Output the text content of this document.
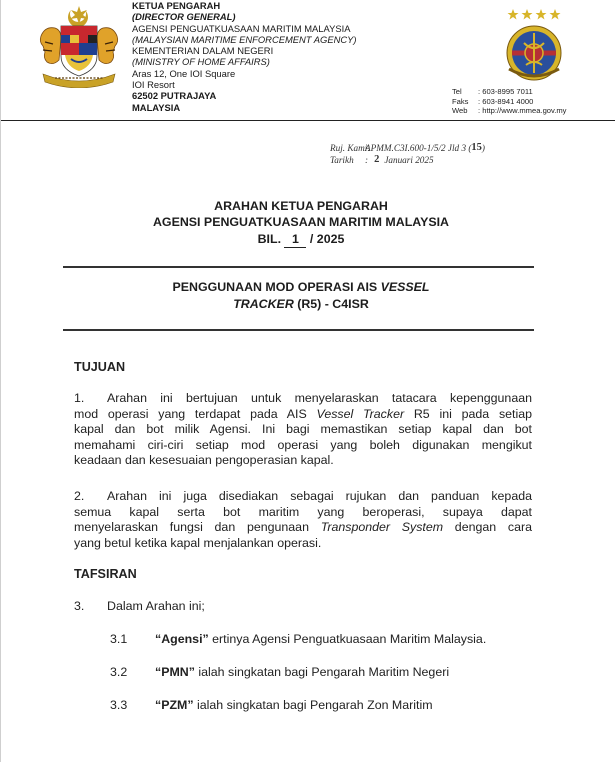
KETUA PENGARAH
(DIRECTOR GENERAL)
AGENSI PENGUATKUASAAN MARITIM MALAYSIA
(MALAYSIAN MARITIME ENFORCEMENT AGENCY)
KEMENTERIAN DALAM NEGERI
(MINISTRY OF HOME AFFAIRS)
Aras 12, One IOI Square
IOI Resort
62502 PUTRAJAYA
MALAYSIA
Tel	: 603-8995 7011
Faks	: 603-8941 4000
Web	: http://www.mmea.gov.my
Ruj. Kami:
APMM.C3I.600-1/5/2 Jld 3 ( 15 )
Tarikh	: 2 Januari 2025
ARAHAN KETUA PENGARAH
AGENSI PENGUATKUASAAN MARITIM MALAYSIA
BIL. 1 / 2025
PENGGUNAAN MOD OPERASI AIS VESSEL
TRACKER (R5) - C4ISR
TUJUAN
1. Arahan ini bertujuan untuk menyelaraskan tatacara kepenggunaan
mod operasi yang terdapat pada AIS Vessel Tracker R5 ini pada setiap
kapal dan bot milik Agensi. Ini bagi memastikan setiap kapal dan bot
memahami ciri-ciri setiap mod operasi yang boleh digunakan mengikut
keadaan dan kesesuaian pengoperasian kapal.
2. Arahan ini juga disediakan sebagai rujukan dan panduan kepada
semua kapal serta bot maritim yang beroperasi, supaya dapat
menyelaraskan fungsi dan pengunaan Transponder System dengan cara
yang betul ketika kapal menjalankan operasi.
TAFSIRAN
3. Dalam Arahan ini;
3.1 “Agensi” ertinya Agensi Penguatkuasaan Maritim Malaysia.
3.2 “PMN” ialah singkatan bagi Pengarah Maritim Negeri
3.3 “PZM” ialah singkatan bagi Pengarah Zon Maritim
